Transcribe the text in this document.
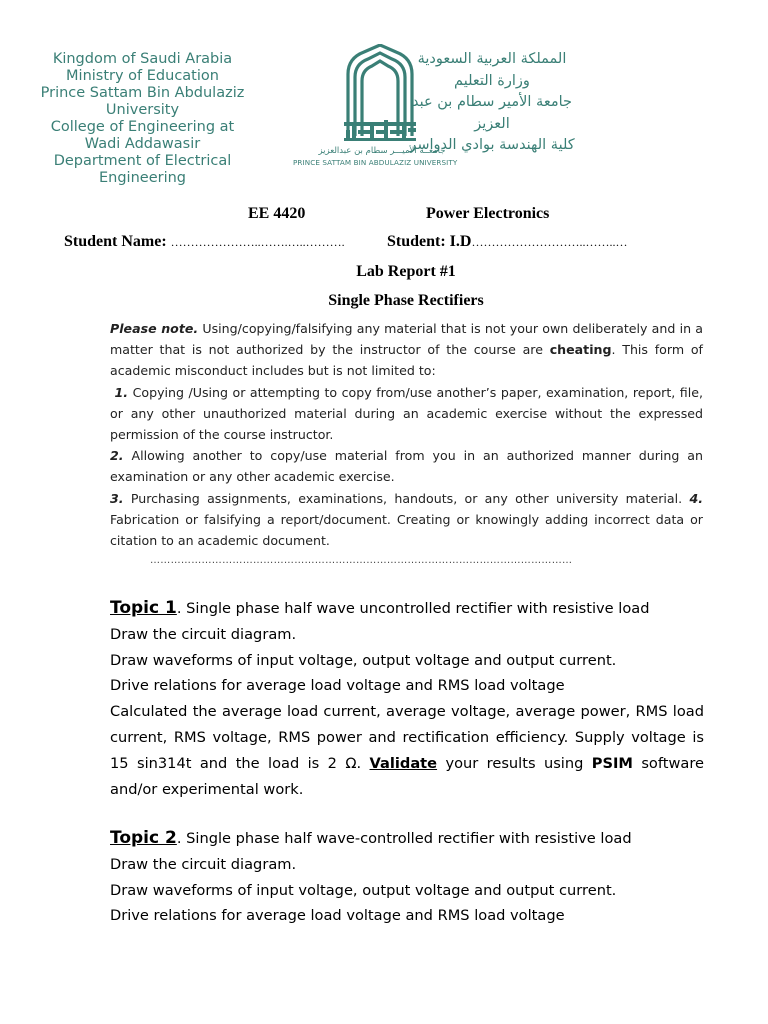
Kingdom of Saudi Arabia
Ministry of Education
Prince Sattam Bin Abdulaziz
University
College of Engineering at
Wadi Addawasir
Department of Electrical
Engineering
جامعــة الأميـــر سطام بن عبدالعزيز
PRINCE SATTAM BIN ABDULAZIZ UNIVERSITY
المملكة العربية السعودية
وزارة التعليم
جامعة الأمير سطام بن عبد
العزيز
كلية الهندسة بوادي الدواسر
EE 4420	Power Electronics
Student Name: …………………..…….…..……….	Student: I.D………………………..……..…
Lab Report #1
Single Phase Rectifiers
Please note. Using/copying/falsifying any material that is not your own deliberately and in a matter that is not authorized by the instructor of the course are cheating. This form of academic misconduct includes but is not limited to:
1. Copying /Using or attempting to copy from/use another’s paper, examination, report, file, or any other unauthorized material during an academic exercise without the expressed permission of the course instructor.
2. Allowing another to copy/use material from you in an authorized manner during an examination or any other academic exercise.
3. Purchasing assignments, examinations, handouts, or any other university material. 4. Fabrication or falsifying a report/document. Creating or knowingly adding incorrect data or citation to an academic document.
……………………………………………………………………………………………………………
Topic 1. Single phase half wave uncontrolled rectifier with resistive load
Draw the circuit diagram.
Draw waveforms of input voltage, output voltage and output current.
Drive relations for average load voltage and RMS load voltage
Calculated the average load current, average voltage, average power, RMS load current, RMS voltage, RMS power and rectification efficiency. Supply voltage is 15 sin314t and the load is 2 Ω. Validate your results using PSIM software and/or experimental work.
Topic 2. Single phase half wave-controlled rectifier with resistive load
Draw the circuit diagram.
Draw waveforms of input voltage, output voltage and output current.
Drive relations for average load voltage and RMS load voltage
